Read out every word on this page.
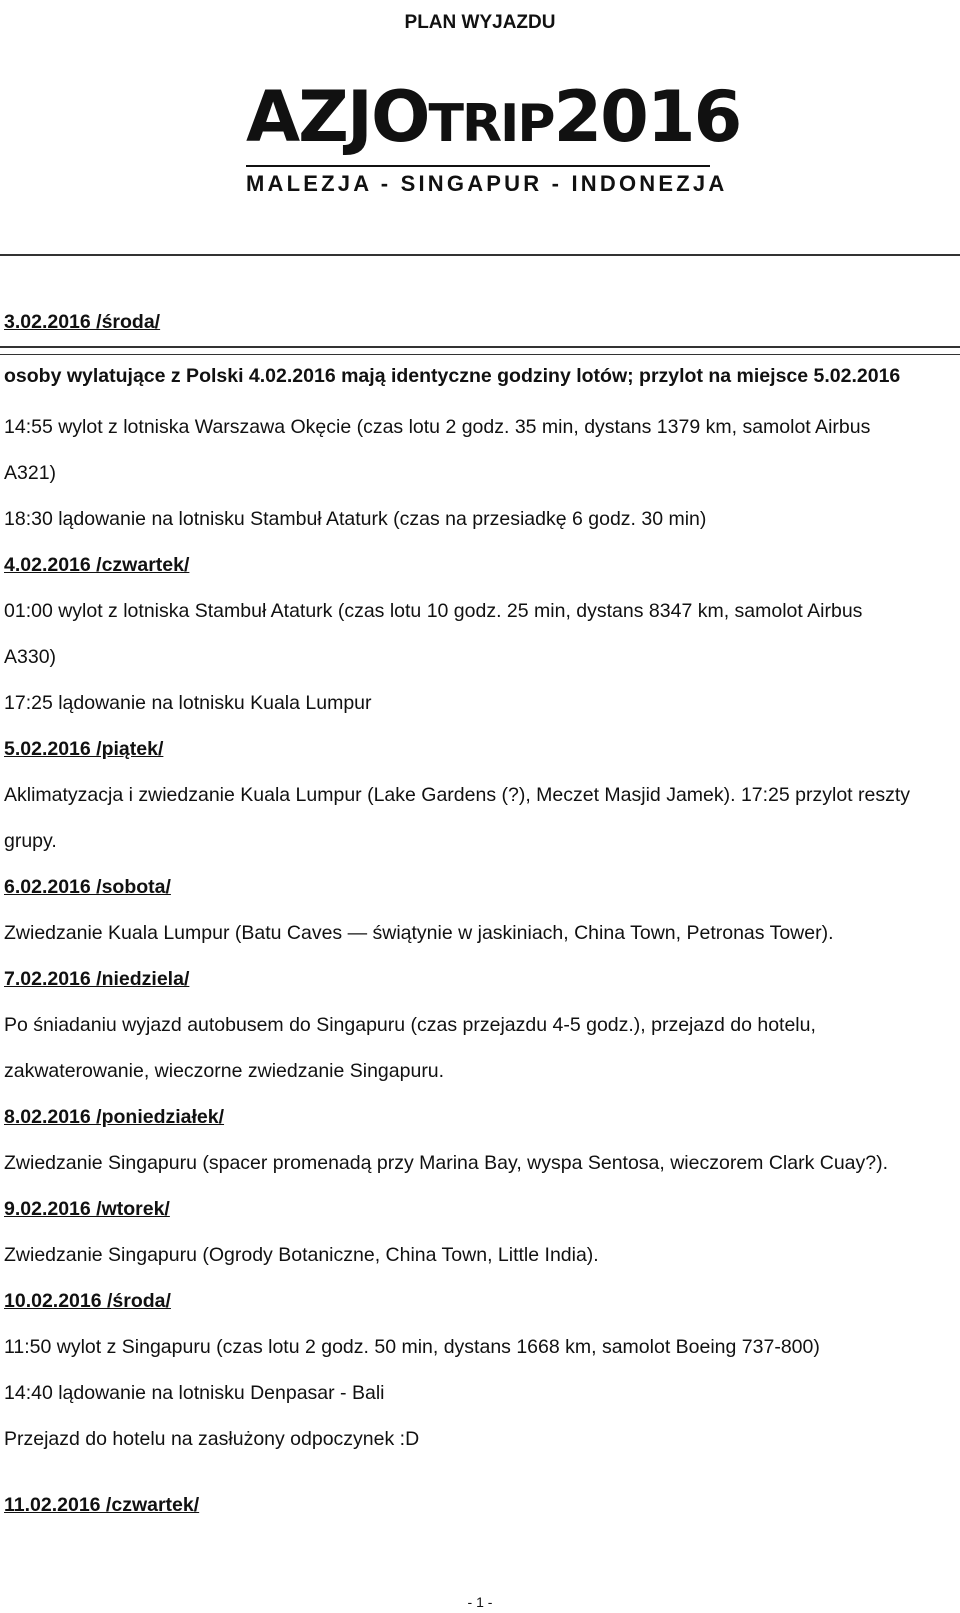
PLAN WYJAZDU
AZJOTRIP2016
MALEZJA - SINGAPUR - INDONEZJA
3.02.2016 /środa/
osoby wylatujące z Polski 4.02.2016 mają identyczne godziny lotów; przylot na miejsce 5.02.2016
14:55 wylot z lotniska Warszawa Okęcie (czas lotu 2 godz. 35 min, dystans 1379 km, samolot Airbus
A321)
18:30 lądowanie na lotnisku Stambuł Ataturk (czas na przesiadkę 6 godz. 30 min)
4.02.2016 /czwartek/
01:00 wylot z lotniska Stambuł Ataturk (czas lotu 10 godz. 25 min, dystans 8347 km, samolot Airbus
A330)
17:25 lądowanie na lotnisku Kuala Lumpur
5.02.2016 /piątek/
Aklimatyzacja i zwiedzanie Kuala Lumpur (Lake Gardens (?), Meczet Masjid Jamek). 17:25 przylot reszty
grupy.
6.02.2016 /sobota/
Zwiedzanie Kuala Lumpur (Batu Caves — świątynie w jaskiniach, China Town, Petronas Tower).
7.02.2016 /niedziela/
Po śniadaniu wyjazd autobusem do Singapuru (czas przejazdu 4-5 godz.), przejazd do hotelu,
zakwaterowanie, wieczorne zwiedzanie Singapuru.
8.02.2016 /poniedziałek/
Zwiedzanie Singapuru (spacer promenadą przy Marina Bay, wyspa Sentosa, wieczorem Clark Cuay?).
9.02.2016 /wtorek/
Zwiedzanie Singapuru (Ogrody Botaniczne, China Town, Little India).
10.02.2016 /środa/
11:50 wylot z Singapuru (czas lotu 2 godz. 50 min, dystans 1668 km, samolot Boeing 737-800)
14:40 lądowanie na lotnisku Denpasar - Bali
Przejazd do hotelu na zasłużony odpoczynek :D
11.02.2016 /czwartek/
- 1 -
